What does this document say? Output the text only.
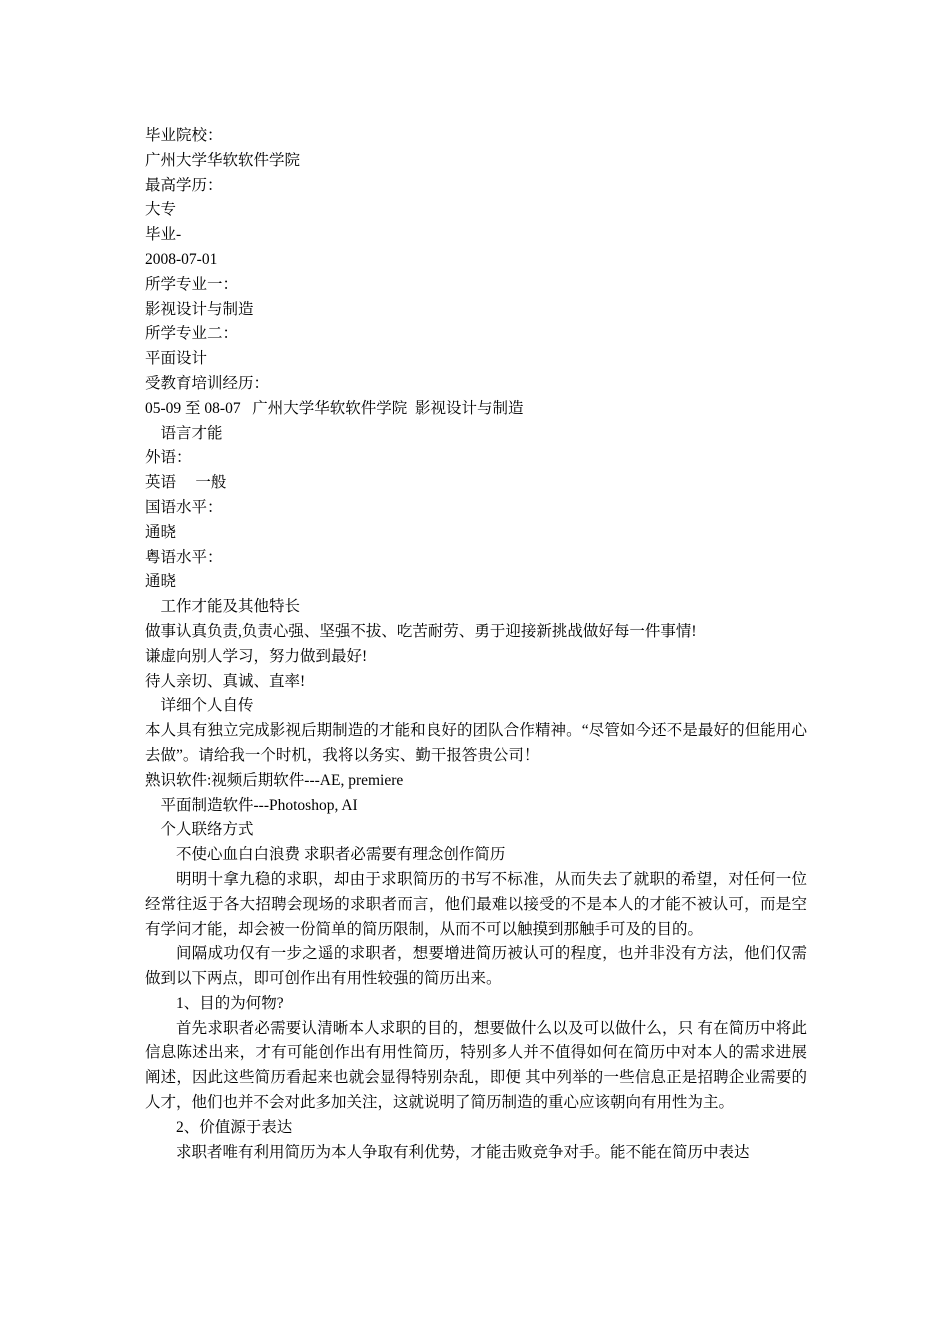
毕业院校：
广州大学华软软件学院
最高学历：
大专
毕业-
2008-07-01
所学专业一：
影视设计与制造
所学专业二：
平面设计
受教育培训经历：
05-09 至 08-07   广州大学华软软件学院  影视设计与制造
语言才能
外语：
英语     一般
国语水平：
通晓
粤语水平：
通晓
工作才能及其他特长
做事认真负责,负责心强、坚强不拔、吃苦耐劳、勇于迎接新挑战做好每一件事情!
谦虚向别人学习，努力做到最好!
待人亲切、真诚、直率!
详细个人自传
本人具有独立完成影视后期制造的才能和良好的团队合作精神。“尽管如今还不是最好的但能用心去做”。请给我一个时机，我将以务实、勤干报答贵公司！
熟识软件:视频后期软件---AE, premiere
平面制造软件---Photoshop, AI
个人联络方式
不使心血白白浪费 求职者必需要有理念创作简历
明明十拿九稳的求职，却由于求职简历的书写不标准，从而失去了就职的希望，对任何一位经常往返于各大招聘会现场的求职者而言，他们最难以接受的不是本人的才能不被认可，而是空有学问才能，却会被一份简单的简历限制，从而不可以触摸到那触手可及的目的。
间隔成功仅有一步之遥的求职者，想要增进简历被认可的程度，也并非没有方法，他们仅需做到以下两点，即可创作出有用性较强的简历出来。
1、目的为何物?
首先求职者必需要认清晰本人求职的目的，想要做什么以及可以做什么，只 有在简历中将此信息陈述出来，才有可能创作出有用性简历，特别多人并不值得如何在简历中对本人的需求进展阐述，因此这些简历看起来也就会显得特别杂乱，即便 其中列举的一些信息正是招聘企业需要的人才，他们也并不会对此多加关注，这就说明了简历制造的重心应该朝向有用性为主。
2、价值源于表达
求职者唯有利用简历为本人争取有利优势，才能击败竞争对手。能不能在简历中表达
